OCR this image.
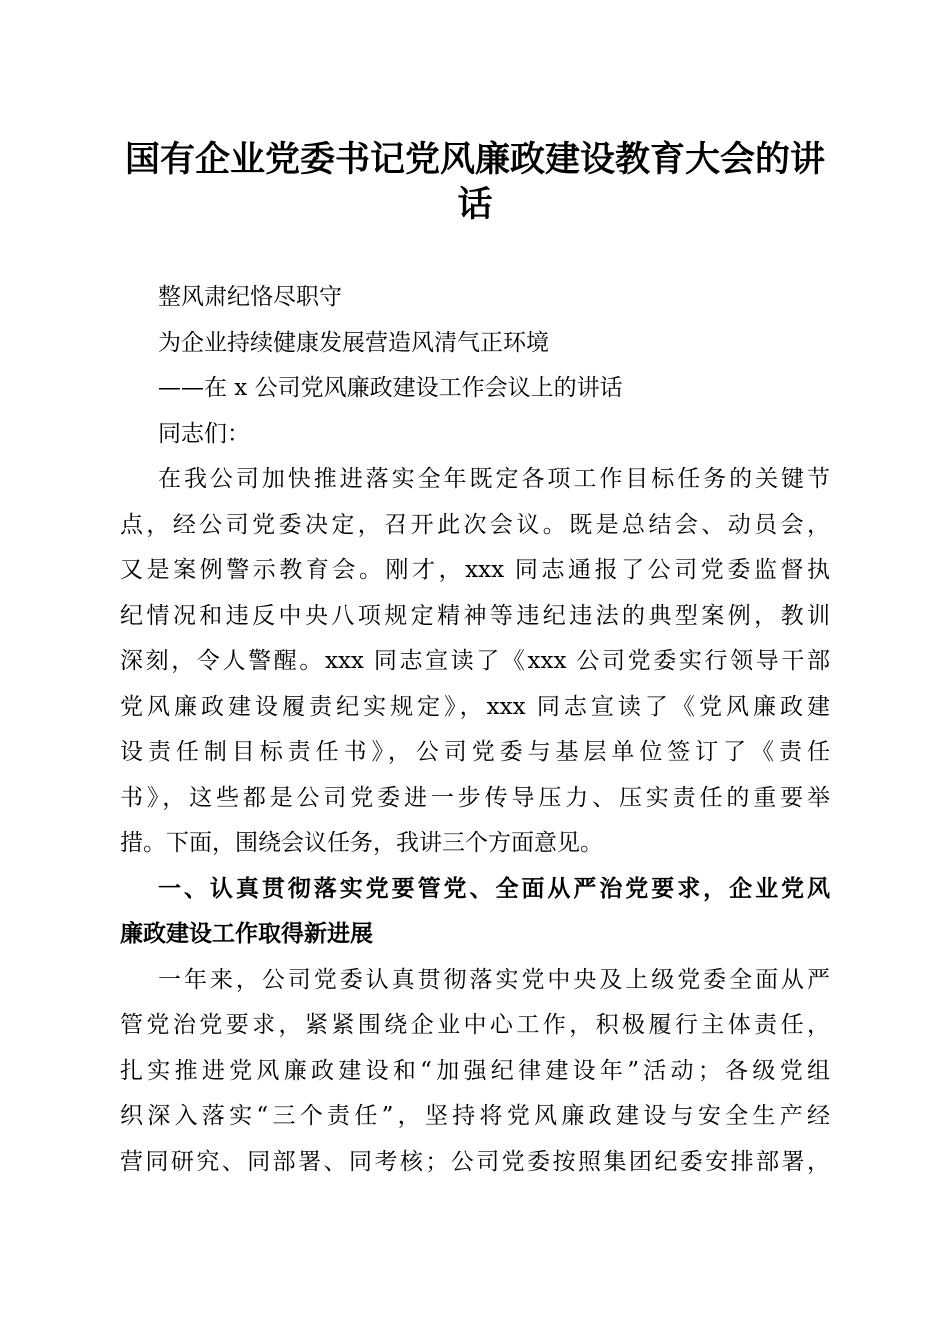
国有企业党委书记党风廉政建设教育大会的讲
话
整风肃纪恪尽职守
为企业持续健康发展营造风清气正环境
——在 x 公司党风廉政建设工作会议上的讲话
同志们：
在我公司加快推进落实全年既定各项工作目标任务的关键节
点，经公司党委决定，召开此次会议。既是总结会、动员会，
又是案例警示教育会。刚才，xxx 同志通报了公司党委监督执
纪情况和违反中央八项规定精神等违纪违法的典型案例，教训
深刻，令人警醒。xxx 同志宣读了《xxx 公司党委实行领导干部
党风廉政建设履责纪实规定》，xxx 同志宣读了《党风廉政建
设责任制目标责任书》，公司党委与基层单位签订了《责任
书》，这些都是公司党委进一步传导压力、压实责任的重要举
措。下面，围绕会议任务，我讲三个方面意见。
一、认真贯彻落实党要管党、全面从严治党要求，企业党风
廉政建设工作取得新进展
一年来，公司党委认真贯彻落实党中央及上级党委全面从严
管党治党要求，紧紧围绕企业中心工作，积极履行主体责任，
扎实推进党风廉政建设和“加强纪律建设年”活动；各级党组
织深入落实“三个责任”，坚持将党风廉政建设与安全生产经
营同研究、同部署、同考核；公司党委按照集团纪委安排部署，
